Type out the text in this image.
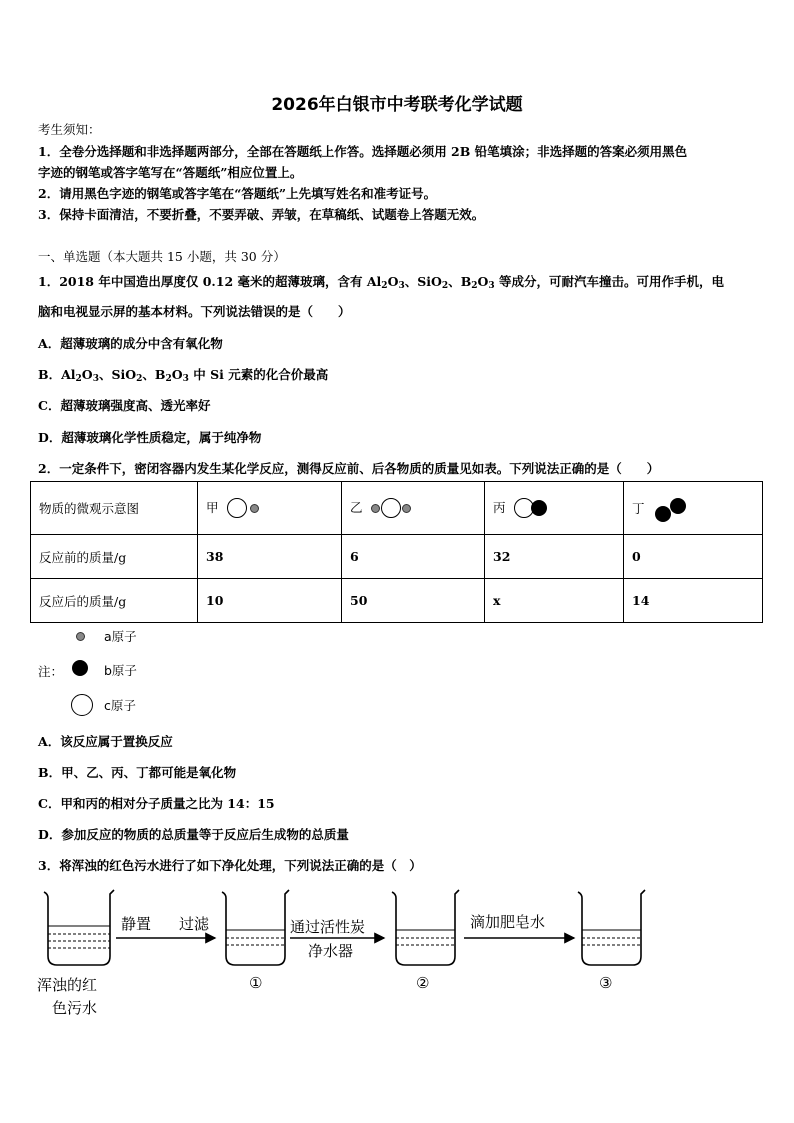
2026年白银市中考联考化学试题
考生须知：
1．全卷分选择题和非选择题两部分，全部在答题纸上作答。选择题必须用 2B 铅笔填涂；非选择题的答案必须用黑色
字迹的钢笔或答字笔写在“答题纸”相应位置上。
2．请用黑色字迹的钢笔或答字笔在“答题纸”上先填写姓名和准考证号。
3．保持卡面清洁，不要折叠，不要弄破、弄皱，在草稿纸、试题卷上答题无效。
一、单选题（本大题共 15 小题，共 30 分）
1．2018 年中国造出厚度仅 0.12 毫米的超薄玻璃，含有 $Al_2O_3$、SiO$_2$、$B_2O_3$ 等成分，可耐汽车撞击。可用作手机，电
脑和电视显示屏的基本材料。下列说法错误的是（　　）
A．超薄玻璃的成分中含有氧化物
B．$Al_2O_3$、SiO$_2$、$B_2O_3$ 中 Si 元素的化合价最高
C．超薄玻璃强度高、透光率好
D．超薄玻璃化学性质稳定，属于纯净物
2．一定条件下，密闭容器内发生某化学反应，测得反应前、后各物质的质量见如表。下列说法正确的是（　　）
物质的微观示意图	甲	乙	丙	丁
反应前的质量/g	38	6	32	0
反应后的质量/g	10	50	x	14
a原子
注：	b原子
c原子
A．该反应属于置换反应
B．甲、乙、丙、丁都可能是氧化物
C．甲和丙的相对分子质量之比为 14：15
D．参加反应的物质的总质量等于反应后生成物的总质量
3．将浑浊的红色污水进行了如下净化处理，下列说法正确的是（　）
静置 过滤	通过活性炭
净水器
滴加肥皂水
浑浊的红
色污水
①	②	③
